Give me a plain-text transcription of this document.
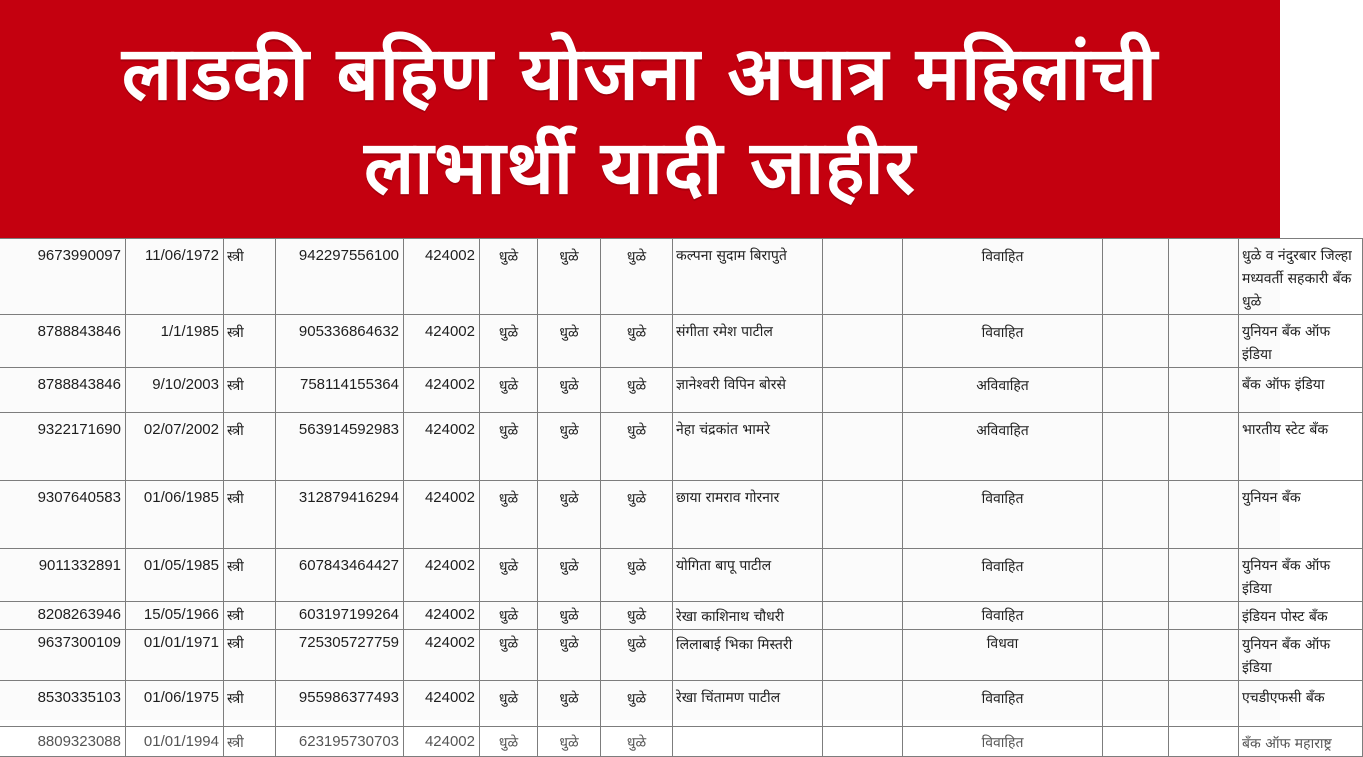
लाडकी बहिण योजना अपात्र महिलांची
लाभार्थी यादी जाहीर
9673990097	11/06/1972	स्त्री	942297556100	424002	धुळे	धुळे	धुळे	कल्पना सुदाम बिरापुते		विवाहित			धुळे व नंदुरबार जिल्हा मध्यवर्ती सहकारी बँक धुळे
8788843846	1/1/1985	स्त्री	905336864632	424002	धुळे	धुळे	धुळे	संगीता रमेश पाटील		विवाहित			युनियन बँक ऑफ इंडिया
8788843846	9/10/2003	स्त्री	758114155364	424002	धुळे	धुळे	धुळे	ज्ञानेश्वरी विपिन बोरसे		अविवाहित			बँक ऑफ इंडिया
9322171690	02/07/2002	स्त्री	563914592983	424002	धुळे	धुळे	धुळे	नेहा चंद्रकांत भामरे		अविवाहित			भारतीय स्टेट बँक
9307640583	01/06/1985	स्त्री	312879416294	424002	धुळे	धुळे	धुळे	छाया रामराव गोरनार		विवाहित			युनियन बँक
9011332891	01/05/1985	स्त्री	607843464427	424002	धुळे	धुळे	धुळे	योगिता बापू पाटील		विवाहित			युनियन बँक ऑफ इंडिया
8208263946	15/05/1966	स्त्री	603197199264	424002	धुळे	धुळे	धुळे	रेखा काशिनाथ चौधरी		विवाहित			इंडियन पोस्ट बँक
9637300109	01/01/1971	स्त्री	725305727759	424002	धुळे	धुळे	धुळे	लिलाबाई भिका मिस्तरी		विधवा			युनियन बँक ऑफ इंडिया
8530335103	01/06/1975	स्त्री	955986377493	424002	धुळे	धुळे	धुळे	रेखा चिंतामण पाटील		विवाहित			एचडीएफसी बँक
8809323088	01/01/1994	स्त्री	623195730703	424002	धुळे	धुळे	धुळे			विवाहित			बँक ऑफ महाराष्ट्र
